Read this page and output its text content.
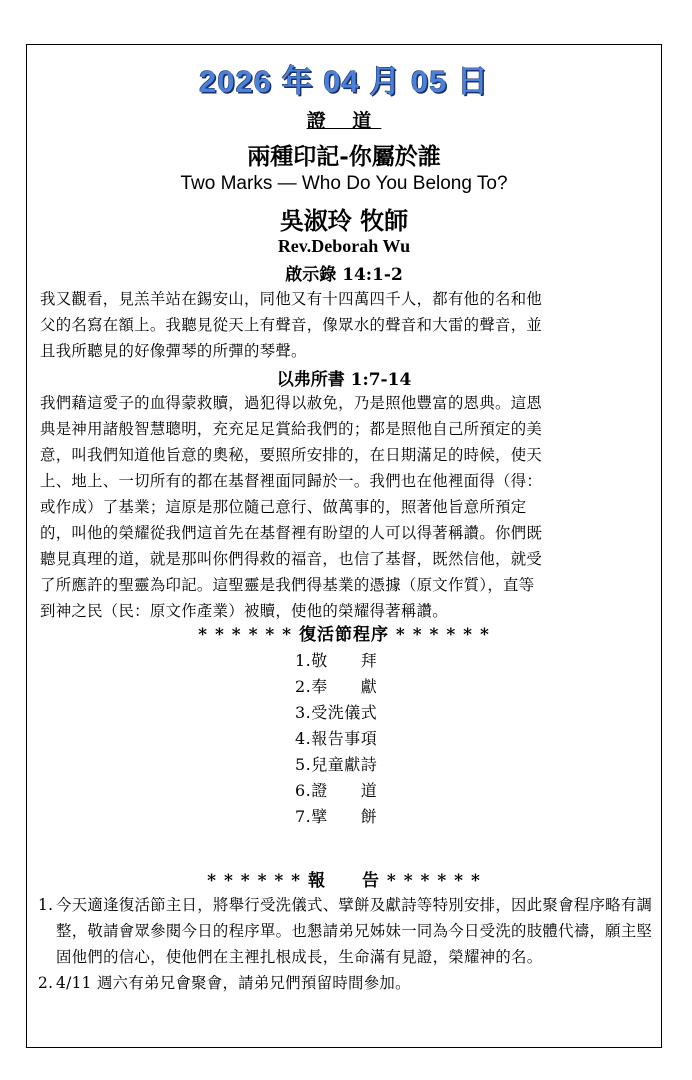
2026 年 04 月 05 日
證 道
兩種印記-你屬於誰
Two Marks — Who Do You Belong To?
吳淑玲 牧師
Rev.Deborah Wu
啟示錄 14:1-2
我又觀看，見羔羊站在錫安山，同他又有十四萬四千人，都有他的名和他
父的名寫在額上。我聽見從天上有聲音，像眾水的聲音和大雷的聲音，並
且我所聽見的好像彈琴的所彈的琴聲。
以弗所書 1:7-14
我們藉這愛子的血得蒙救贖，過犯得以赦免，乃是照他豐富的恩典。這恩
典是神用諸般智慧聰明，充充足足賞給我們的；都是照他自己所預定的美
意，叫我們知道他旨意的奧秘，要照所安排的，在日期滿足的時候，使天
上、地上、一切所有的都在基督裡面同歸於一。我們也在他裡面得（得：
或作成）了基業；這原是那位隨己意行、做萬事的，照著他旨意所預定
的，叫他的榮耀從我們這首先在基督裡有盼望的人可以得著稱讚。你們既
聽見真理的道，就是那叫你們得救的福音，也信了基督，既然信他，就受
了所應許的聖靈為印記。這聖靈是我們得基業的憑據（原文作質），直等
到神之民（民：原文作產業）被贖，使他的榮耀得著稱讚。
* * * * * * 復活節程序 * * * * * *
1.敬　　拜
2.奉　　獻
3.受洗儀式
4.報告事項
5.兒童獻詩
6.證　　道
7.擘　　餅
* * * * * * 報　　告 * * * * * *
1. 今天適逢復活節主日，將舉行受洗儀式、擘餅及獻詩等特別安排，因此聚會程序略有調整，敬請會眾參閱今日的程序單。也懇請弟兄姊妹一同為今日受洗的肢體代禱，願主堅固他們的信心，使他們在主裡扎根成長，生命滿有見證，榮耀神的名。
2. 4/11 週六有弟兄會聚會，請弟兄們預留時間參加。
